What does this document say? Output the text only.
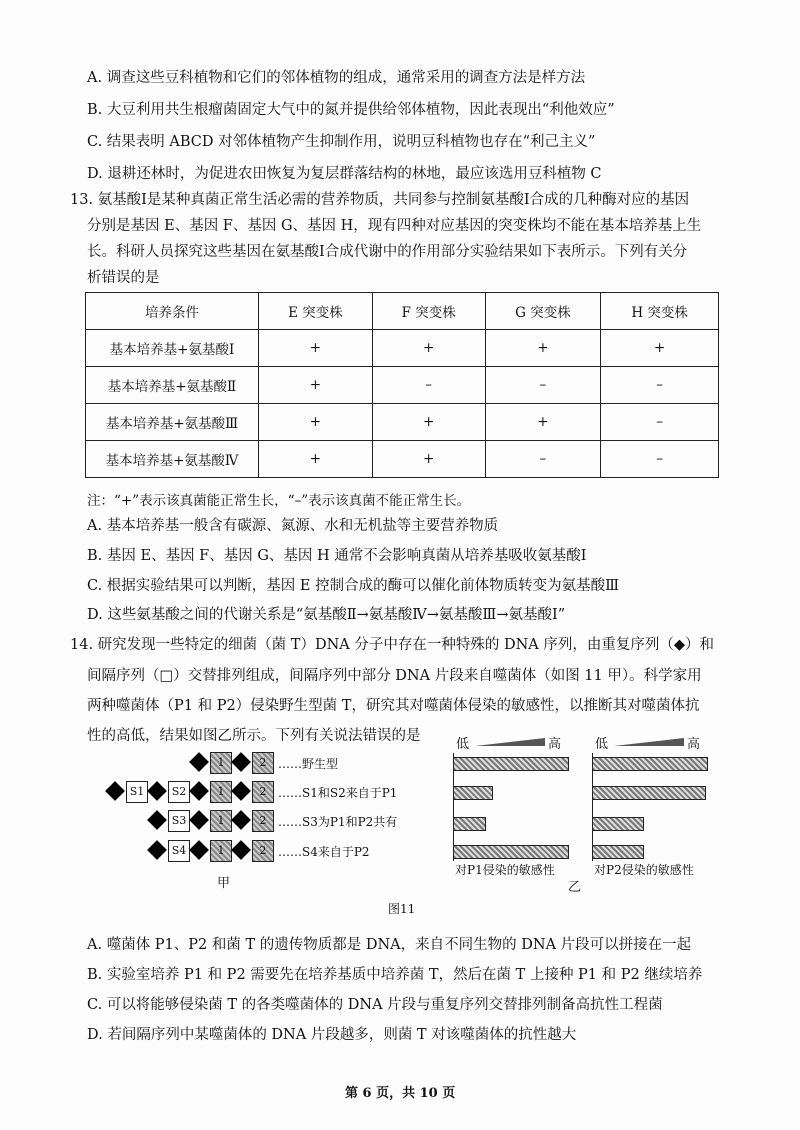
A. 调查这些豆科植物和它们的邻体植物的组成，通常采用的调查方法是样方法
B. 大豆利用共生根瘤菌固定大气中的氮并提供给邻体植物，因此表现出“利他效应”
C. 结果表明 ABCD 对邻体植物产生抑制作用，说明豆科植物也存在“利己主义”
D. 退耕还林时，为促进农田恢复为复层群落结构的林地，最应该选用豆科植物 C
13. 氨基酸Ⅰ是某种真菌正常生活必需的营养物质，共同参与控制氨基酸Ⅰ合成的几种酶对应的基因
分别是基因 E、基因 F、基因 G、基因 H，现有四种对应基因的突变株均不能在基本培养基上生
长。科研人员探究这些基因在氨基酸Ⅰ合成代谢中的作用部分实验结果如下表所示。下列有关分
析错误的是
培养条件	E 突变株	F 突变株	G 突变株	H 突变株
基本培养基+氨基酸Ⅰ	+	+	+	+
基本培养基+氨基酸Ⅱ	+	–	–	–
基本培养基+氨基酸Ⅲ	+	+	+	–
基本培养基+氨基酸Ⅳ	+	+	–	–
注：“+”表示该真菌能正常生长，“–”表示该真菌不能正常生长。
A. 基本培养基一般含有碳源、氮源、水和无机盐等主要营养物质
B. 基因 E、基因 F、基因 G、基因 H 通常不会影响真菌从培养基吸收氨基酸Ⅰ
C. 根据实验结果可以判断，基因 E 控制合成的酶可以催化前体物质转变为氨基酸Ⅲ
D. 这些氨基酸之间的代谢关系是“氨基酸Ⅱ→氨基酸Ⅳ→氨基酸Ⅲ→氨基酸Ⅰ”
14. 研究发现一些特定的细菌（菌 T）DNA 分子中存在一种特殊的 DNA 序列，由重复序列（◆）和
间隔序列（□）交替排列组成，间隔序列中部分 DNA 片段来自噬菌体（如图 11 甲）。科学家用
两种噬菌体（P1 和 P2）侵染野生型菌 T，研究其对噬菌体侵染的敏感性，以推断其对噬菌体抗
性的高低，结果如图乙所示。下列有关说法错误的是
甲	乙
图11
A. 噬菌体 P1、P2 和菌 T 的遗传物质都是 DNA，来自不同生物的 DNA 片段可以拼接在一起
B. 实验室培养 P1 和 P2 需要先在培养基质中培养菌 T，然后在菌 T 上接种 P1 和 P2 继续培养
C. 可以将能够侵染菌 T 的各类噬菌体的 DNA 片段与重复序列交替排列制备高抗性工程菌
D. 若间隔序列中某噬菌体的 DNA 片段越多，则菌 T 对该噬菌体的抗性越大
第 6 页，共 10 页
2
1	……野生型
2
1
S2
S1	……S1和S2来自于P1
2
1
S3	……S3为P1和P2共有
2
1
S4	……S4来自于P2
低	高
对P1侵染的敏感性
低	高
对P2侵染的敏感性
